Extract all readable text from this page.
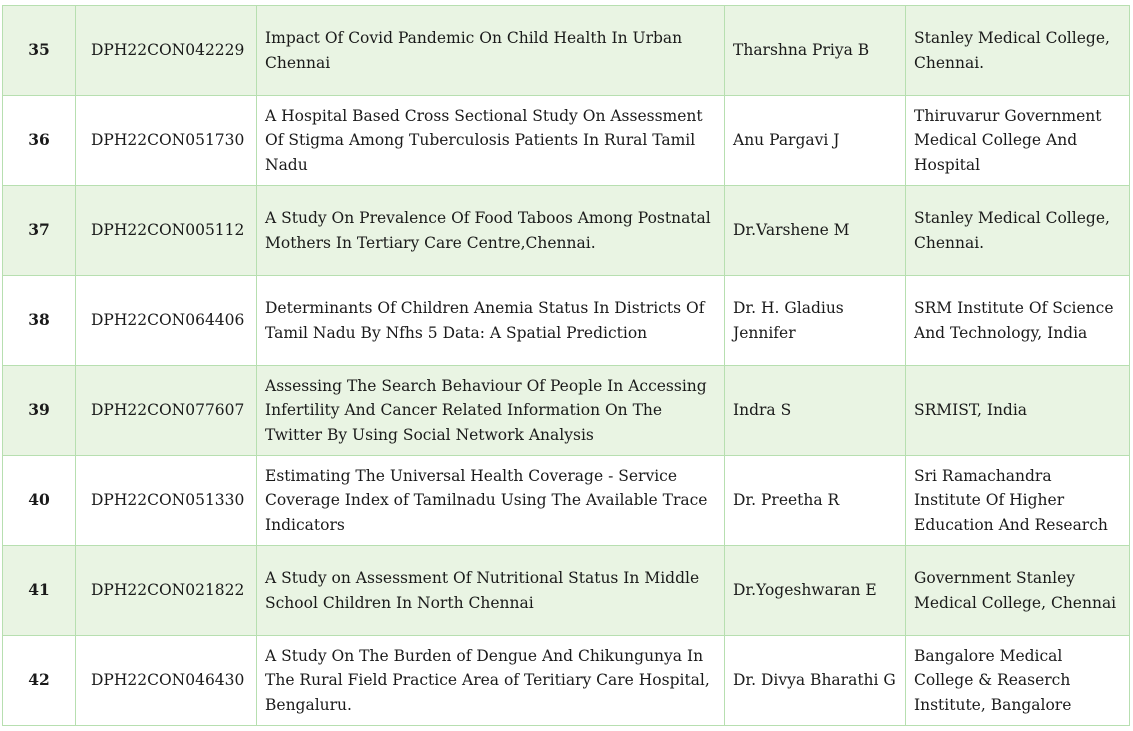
35	DPH22CON042229	Impact Of Covid Pandemic On Child Health In Urban Chennai	Tharshna Priya B	Stanley Medical College, Chennai.
36	DPH22CON051730	A Hospital Based Cross Sectional Study On Assessment Of Stigma Among Tuberculosis Patients In Rural Tamil Nadu	Anu Pargavi J	Thiruvarur Government Medical College And Hospital
37	DPH22CON005112	A Study On Prevalence Of Food Taboos Among Postnatal Mothers In Tertiary Care Centre,Chennai.	Dr.Varshene M	Stanley Medical College, Chennai.
38	DPH22CON064406	Determinants Of Children Anemia Status In Districts Of Tamil Nadu By Nfhs 5 Data: A Spatial Prediction	Dr. H. Gladius Jennifer	SRM Institute Of Science And Technology, India
39	DPH22CON077607	Assessing The Search Behaviour Of People In Accessing Infertility And Cancer Related Information On The Twitter By Using Social Network Analysis	Indra S	SRMIST, India
40	DPH22CON051330	Estimating The Universal Health Coverage - Service Coverage Index of Tamilnadu Using The Available Trace Indicators	Dr. Preetha R	Sri Ramachandra Institute Of Higher Education And Research
41	DPH22CON021822	A Study on Assessment Of Nutritional Status In Middle School Children In North Chennai	Dr.Yogeshwaran E	Government Stanley Medical College, Chennai
42	DPH22CON046430	A Study On The Burden of Dengue And Chikungunya In The Rural Field Practice Area of Teritiary Care Hospital, Bengaluru.	Dr. Divya Bharathi G	Bangalore Medical College & Reaserch Institute, Bangalore
